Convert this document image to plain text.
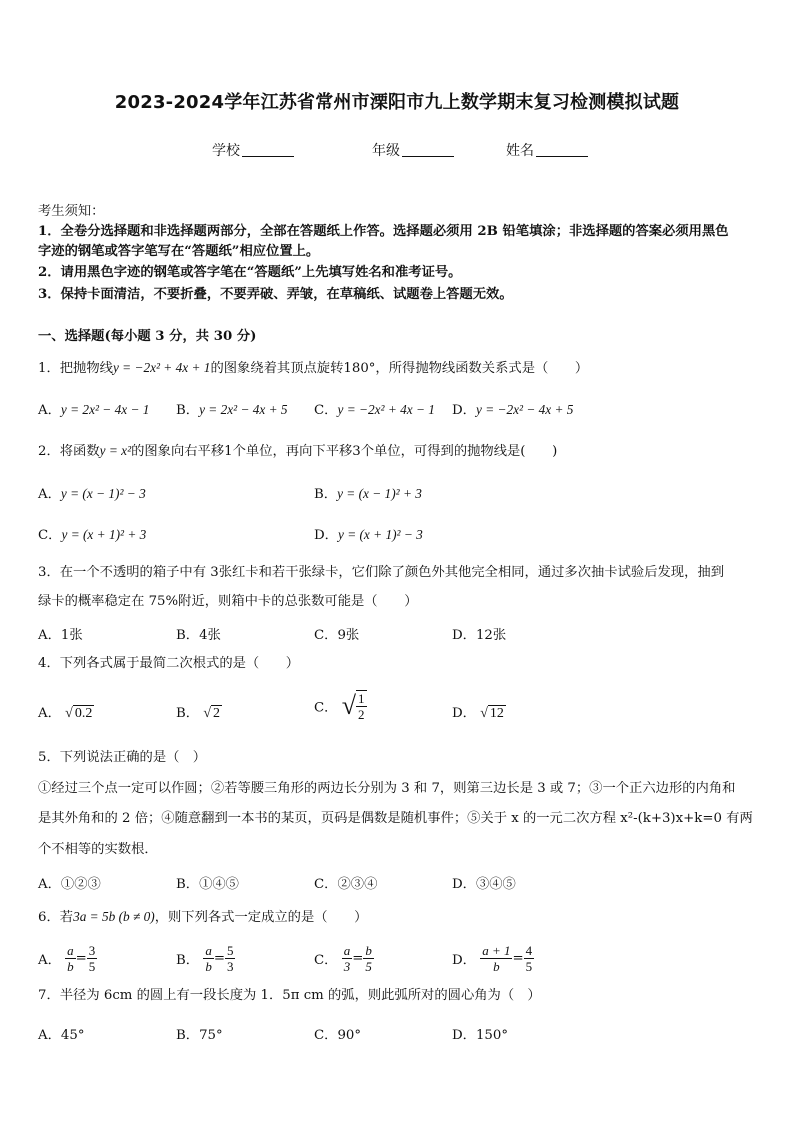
2023-2024学年江苏省常州市溧阳市九上数学期末复习检测模拟试题
学校	年级	姓名
考生须知：
1．全卷分选择题和非选择题两部分，全部在答题纸上作答。选择题必须用 2B 铅笔填涂；非选择题的答案必须用黑色
字迹的钢笔或答字笔写在“答题纸”相应位置上。
2．请用黑色字迹的钢笔或答字笔在“答题纸”上先填写姓名和准考证号。
3．保持卡面清洁，不要折叠，不要弄破、弄皱，在草稿纸、试题卷上答题无效。
一、选择题(每小题 3 分，共 30 分)
1．把抛物线y = −2x² + 4x + 1的图象绕着其顶点旋转180°，所得抛物线函数关系式是（　　）
A．y = 2x² − 4x − 1 B．y = 2x² − 4x + 5 C．y = −2x² + 4x − 1 D．y = −2x² − 4x + 5
2．将函数y = x²的图象向右平移1个单位，再向下平移3个单位，可得到的抛物线是(　　)
A．y = (x − 1)² − 3	B．y = (x − 1)² + 3
C．y = (x + 1)² + 3	D．y = (x + 1)² − 3
3．在一个不透明的箱子中有 3张红卡和若干张绿卡，它们除了颜色外其他完全相同，通过多次抽卡试验后发现，抽到
绿卡的概率稳定在 75%附近，则箱中卡的总张数可能是（　　）
A．1张	B．4张	C．9张	D．12张
4．下列各式属于最简二次根式的是（　　）
A． √ 0.2	B． √ 2	C． √ $\frac{1}{2}$	D． √ 12
5．下列说法正确的是（　）
①经过三个点一定可以作圆；②若等腰三角形的两边长分别为 3 和 7，则第三边长是 3 或 7；③一个正六边形的内角和
是其外角和的 2 倍；④随意翻到一本书的某页，页码是偶数是随机事件；⑤关于 x 的一元二次方程 x²-(k+3)x+k=0 有两
个不相等的实数根．
A．①②③	B．①④⑤	C．②③④	D．③④⑤
6．若3a = 5b (b ≠ 0)，则下列各式一定成立的是（　　）
A． $\frac{a}{b} = \frac{3}{5}$	B． $\frac{a}{b} = \frac{5}{3}$	C． $\frac{a}{3} = \frac{b}{5}$	D． $\frac{a + 1}{b} = \frac{4}{5}$
7．半径为 6cm 的圆上有一段长度为 1．5π cm 的弧，则此弧所对的圆心角为（　）
A．45°	B．75°	C．90°	D．150°
